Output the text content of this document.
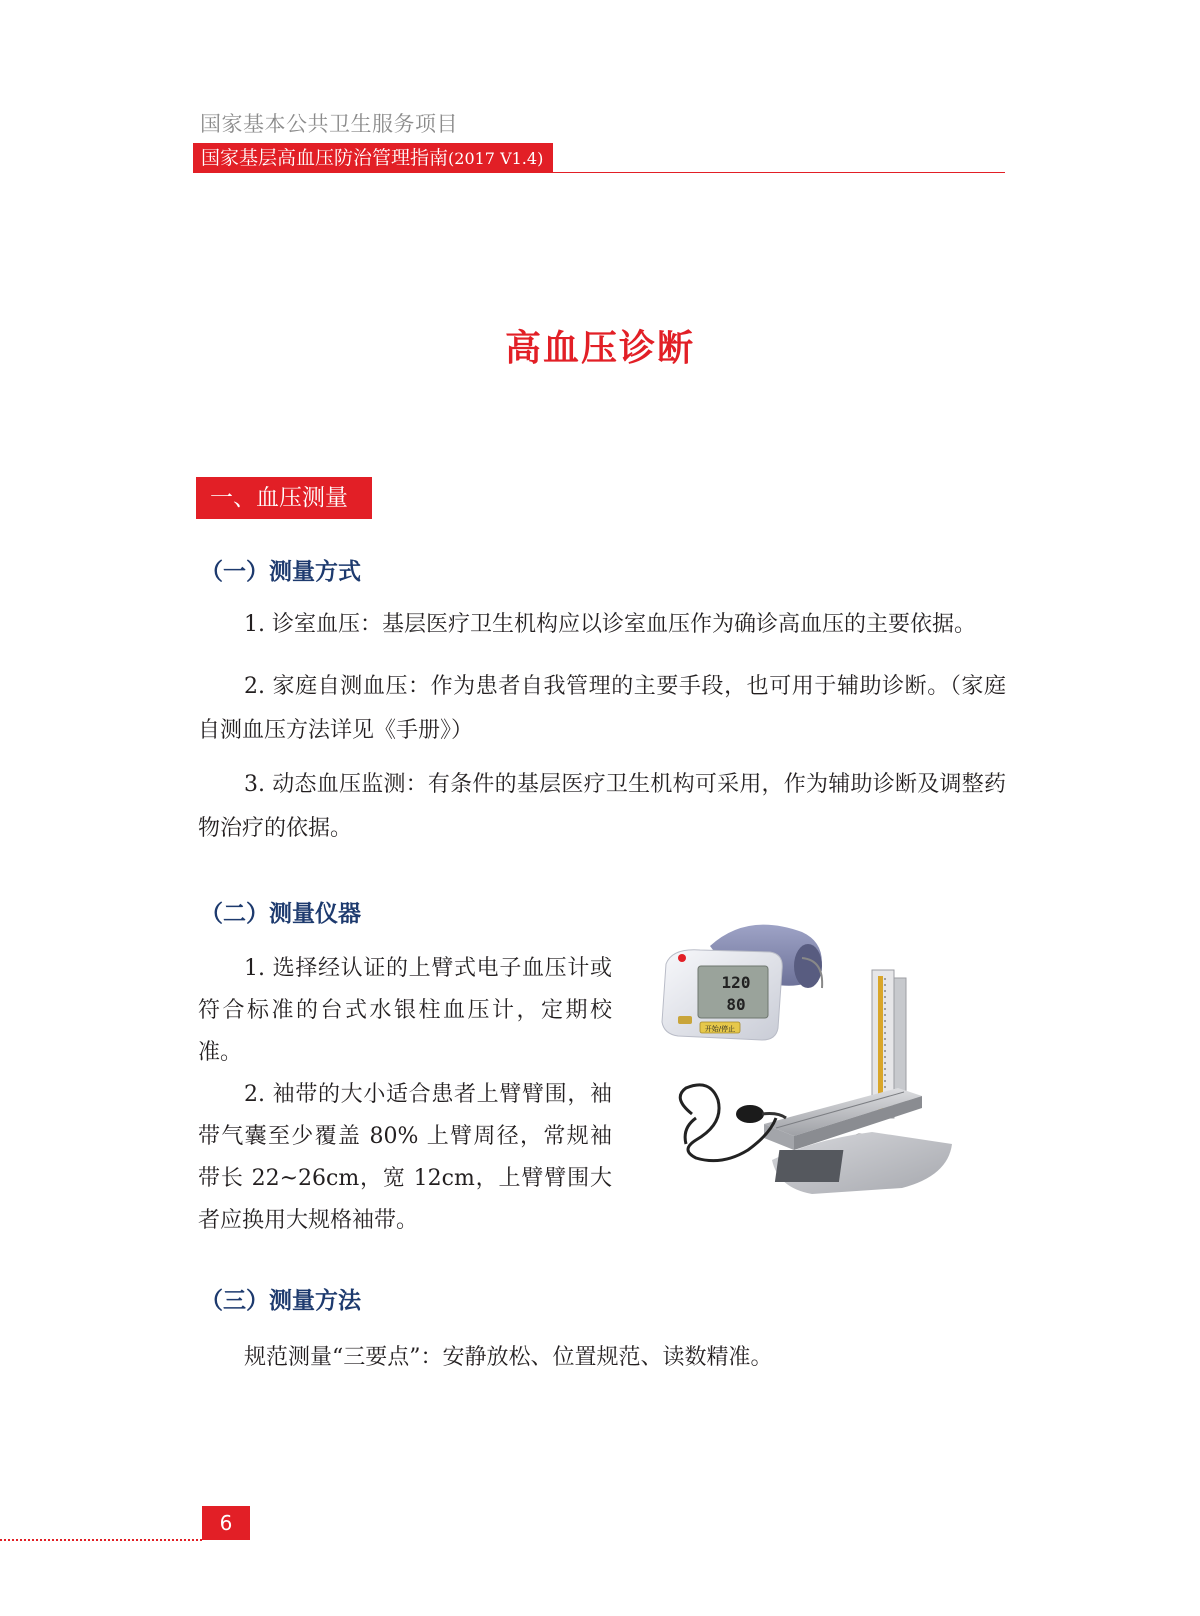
国家基本公共卫生服务项目
国家基层高血压防治管理指南(2017 V1.4)
高血压诊断
一、血压测量
（一）测量方式

1. 诊室血压：基层医疗卫生机构应以诊室血压作为确诊高血压的主要依据。

2. 家庭自测血压：作为患者自我管理的主要手段，也可用于辅助诊断。（家庭自测血压方法详见《手册》）

3. 动态血压监测：有条件的基层医疗卫生机构可采用，作为辅助诊断及调整药物治疗的依据。

（二）测量仪器

1. 选择经认证的上臂式电子血压计或符合标准的台式水银柱血压计，定期校准。

2. 袖带的大小适合患者上臂臂围，袖带气囊至少覆盖 80% 上臂周径，常规袖带长 22~26cm，宽 12cm，上臂臂围大者应换用大规格袖带。

120
80
开始/停止
（三）测量方法
规范测量“三要点”：安静放松、位置规范、读数精准。
6
